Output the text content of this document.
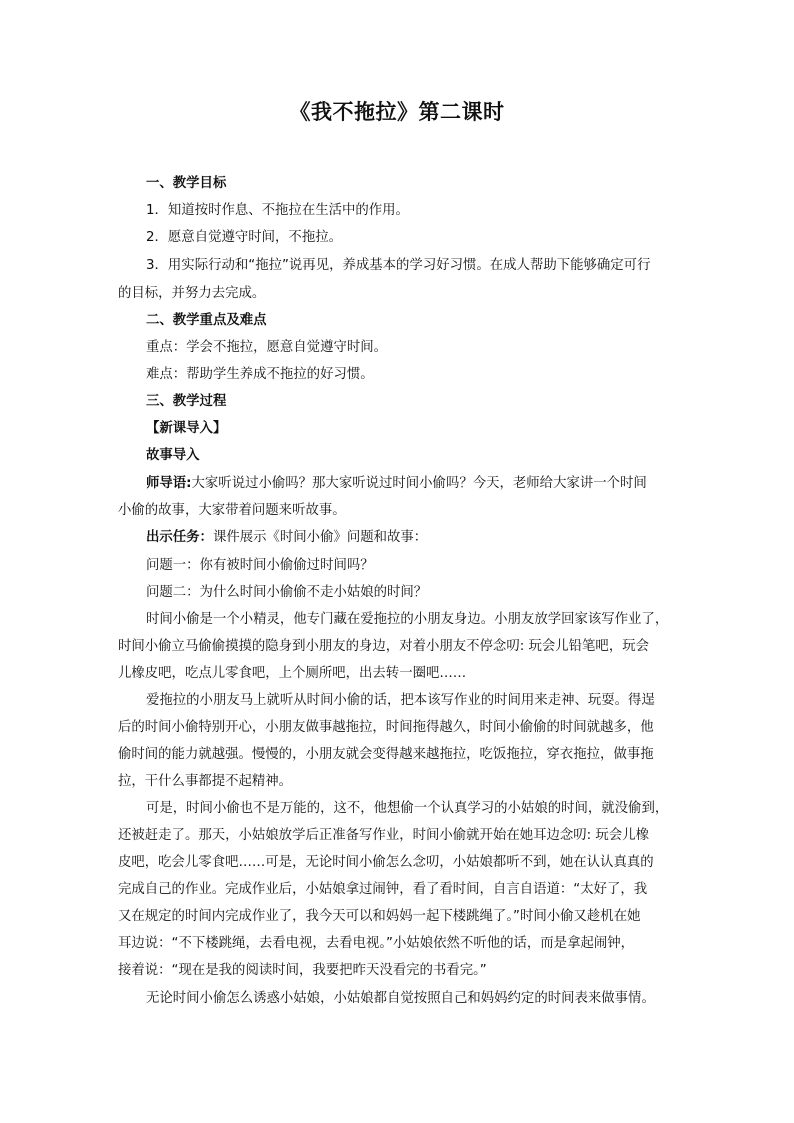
《我不拖拉》第二课时
一、教学目标
1．知道按时作息、不拖拉在生活中的作用。
2．愿意自觉遵守时间，不拖拉。
3．用实际行动和“拖拉”说再见，养成基本的学习好习惯。在成人帮助下能够确定可行
的目标，并努力去完成。
二、教学重点及难点
重点：学会不拖拉，愿意自觉遵守时间。
难点：帮助学生养成不拖拉的好习惯。
三、教学过程
【新课导入】
故事导入
师导语:大家听说过小偷吗？那大家听说过时间小偷吗？今天，老师给大家讲一个时间
小偷的故事，大家带着问题来听故事。
出示任务：课件展示《时间小偷》问题和故事：
问题一：你有被时间小偷偷过时间吗？
问题二：为什么时间小偷偷不走小姑娘的时间？
时间小偷是一个小精灵，他专门藏在爱拖拉的小朋友身边。小朋友放学回家该写作业了，
时间小偷立马偷偷摸摸的隐身到小朋友的身边，对着小朋友不停念叨: 玩会儿铅笔吧，玩会
儿橡皮吧，吃点儿零食吧，上个厕所吧，出去转一圈吧……
爱拖拉的小朋友马上就听从时间小偷的话，把本该写作业的时间用来走神、玩耍。得逞
后的时间小偷特别开心，小朋友做事越拖拉，时间拖得越久，时间小偷偷的时间就越多，他
偷时间的能力就越强。慢慢的，小朋友就会变得越来越拖拉，吃饭拖拉，穿衣拖拉，做事拖
拉，干什么事都提不起精神。
可是，时间小偷也不是万能的，这不，他想偷一个认真学习的小姑娘的时间，就没偷到，
还被赶走了。那天，小姑娘放学后正准备写作业，时间小偷就开始在她耳边念叨: 玩会儿橡
皮吧，吃会儿零食吧……可是，无论时间小偷怎么念叨，小姑娘都听不到，她在认认真真的
完成自己的作业。完成作业后，小姑娘拿过闹钟，看了看时间，自言自语道：“太好了，我
又在规定的时间内完成作业了，我今天可以和妈妈一起下楼跳绳了。”时间小偷又趁机在她
耳边说：“不下楼跳绳，去看电视，去看电视。”小姑娘依然不听他的话，而是拿起闹钟，
接着说：“现在是我的阅读时间，我要把昨天没看完的书看完。”
无论时间小偷怎么诱惑小姑娘，小姑娘都自觉按照自己和妈妈约定的时间表来做事情。
